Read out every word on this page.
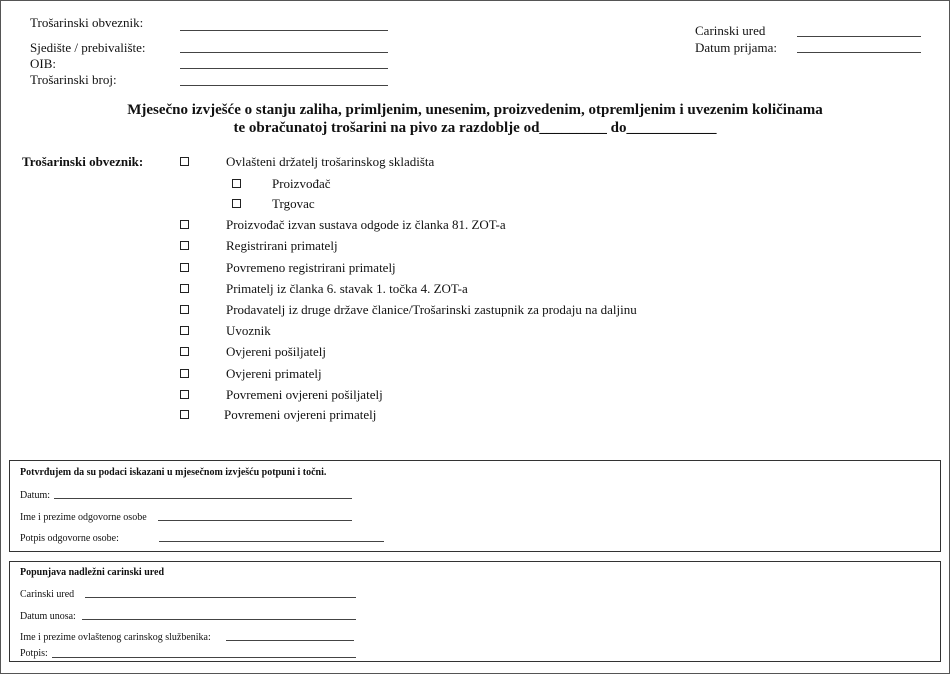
Trošarinski obveznik:
Sjedište / prebivalište:
OIB:
Trošarinski broj:
Carinski ured
Datum prijama:
Mjesečno izvješće o stanju zaliha, primljenim, unesenim, proizvedenim, otpremljenim i uvezenim količinama
te obračunatoj trošarini na pivo za razdoblje od_________ do____________
Trošarinski obveznik:	Ovlašteni držatelj trošarinskog skladišta
Proizvođač
Trgovac
Proizvođač izvan sustava odgode iz članka 81. ZOT-a
Registrirani primatelj
Povremeno registrirani primatelj
Primatelj iz članka 6. stavak 1. točka 4. ZOT-a
Prodavatelj iz druge države članice/Trošarinski zastupnik za prodaju na daljinu
Uvoznik
Ovjereni pošiljatelj
Ovjereni primatelj
Povremeni ovjereni pošiljatelj
Povremeni ovjereni primatelj
Potvrđujem da su podaci iskazani u mjesečnom izvješću potpuni i točni.
Datum:
Ime i prezime odgovorne osobe
Potpis odgovorne osobe:
Popunjava nadležni carinski ured
Carinski ured
Datum unosa:
Ime i prezime ovlaštenog carinskog službenika:
Potpis:
